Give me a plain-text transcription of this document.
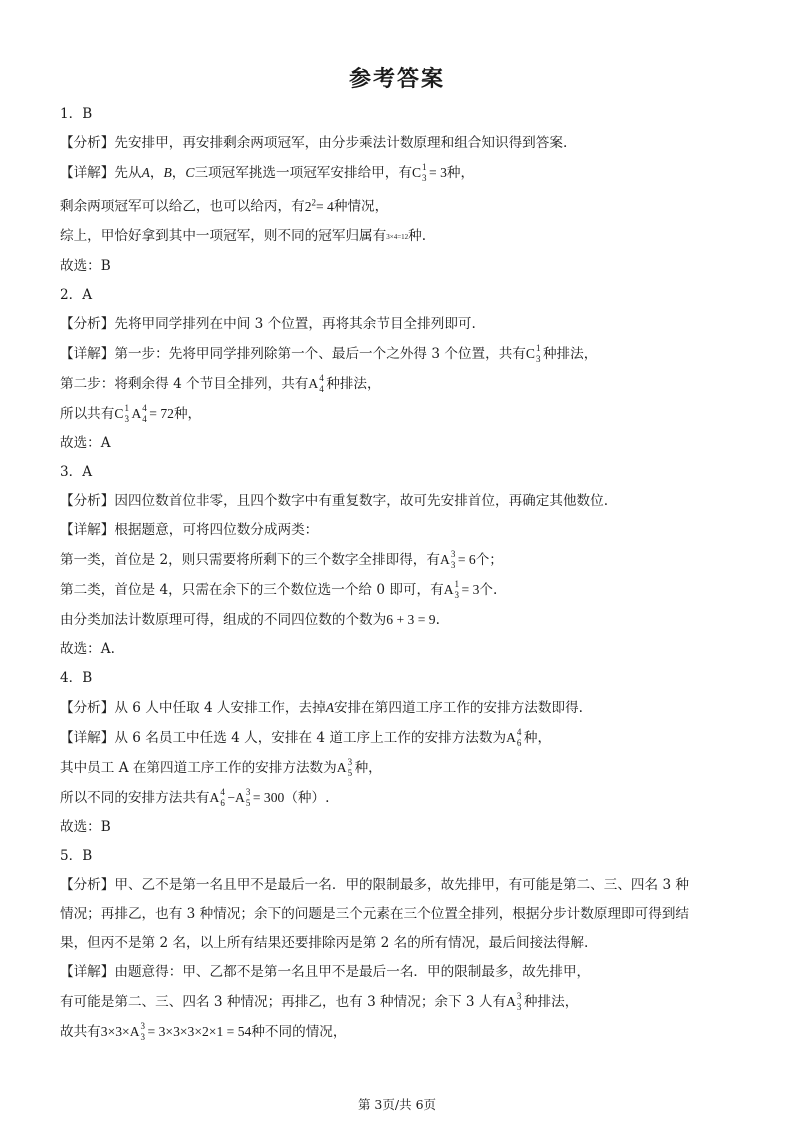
参考答案

1．B

【分析】先安排甲，再安排剩余两项冠军，由分步乘法计数原理和组合知识得到答案.

【详解】先从A，B，C三项冠军挑选一项冠军安排给甲，有C 1
3 = 3种，

剩余两项冠军可以给乙，也可以给丙，有$2^2= 4$种情况，

综上，甲恰好拿到其中一项冠军，则不同的冠军归属有3×4=12种.

故选：B

2．A

【分析】先将甲同学排列在中间 3 个位置，再将其余节目全排列即可.

【详解】第一步：先将甲同学排列除第一个、最后一个之外得 3 个位置，共有C 1
3 种排法，

第二步：将剩余得 4 个节目全排列，共有A 4
4 种排法，

所以共有C 1
3 A 4
4 = 72种，

故选：A

3．A

【分析】因四位数首位非零，且四个数字中有重复数字，故可先安排首位，再确定其他数位.

【详解】根据题意，可将四位数分成两类：

第一类，首位是 2，则只需要将所剩下的三个数字全排即得，有A 3
3 = 6个；

第二类，首位是 4，只需在余下的三个数位选一个给 0 即可，有A 1
3 = 3个.

由分类加法计数原理可得，组成的不同四位数的个数为6 + 3 = 9.

故选：A.

4．B

【分析】从 6 人中任取 4 人安排工作，去掉A安排在第四道工序工作的安排方法数即得.

【详解】从 6 名员工中任选 4 人，安排在 4 道工序上工作的安排方法数为A 4
6 种，

其中员工 A 在第四道工序工作的安排方法数为A 3
5 种，

所以不同的安排方法共有A 4
6 −A 3
5 = 300（种）.

故选：B

5．B

【分析】甲、乙不是第一名且甲不是最后一名．甲的限制最多，故先排甲，有可能是第二、三、四名 3 种

情况；再排乙，也有 3 种情况；余下的问题是三个元素在三个位置全排列，根据分步计数原理即可得到结

果，但丙不是第 2 名，以上所有结果还要排除丙是第 2 名的所有情况，最后间接法得解.

【详解】由题意得：甲、乙都不是第一名且甲不是最后一名．甲的限制最多，故先排甲，

有可能是第二、三、四名 3 种情况；再排乙，也有 3 种情况；余下 3 人有A 3
3 种排法，

故共有3×3×A 3
3 = 3×3×3×2×1 = 54种不同的情况，

第 3页/共 6页
